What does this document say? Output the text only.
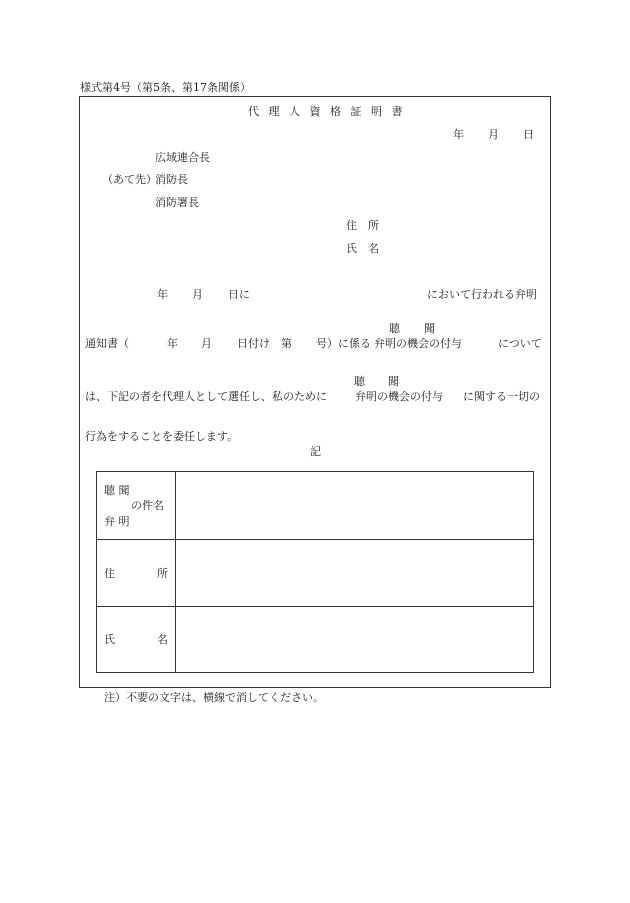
様式第4号（第5条、第17条関係）
代 理 人 資 格 証 明 書
年 月 日
広域連合長
（あて先）
消防長
消防署長
住　所
氏　名
年 月 日に	において行われる弁明
聴 聞
通知書（	年 月 日付け　第 号）に係る 弁明の機会の付与	について
聴 聞
は、下記の者を代理人として選任し、私のために	弁明の機会の付与 に関する一切の
行為をすることを委任します。
記
聴 聞
の件名
弁 明
住	所
氏	名
注）不要の文字は、横線で消してください。
